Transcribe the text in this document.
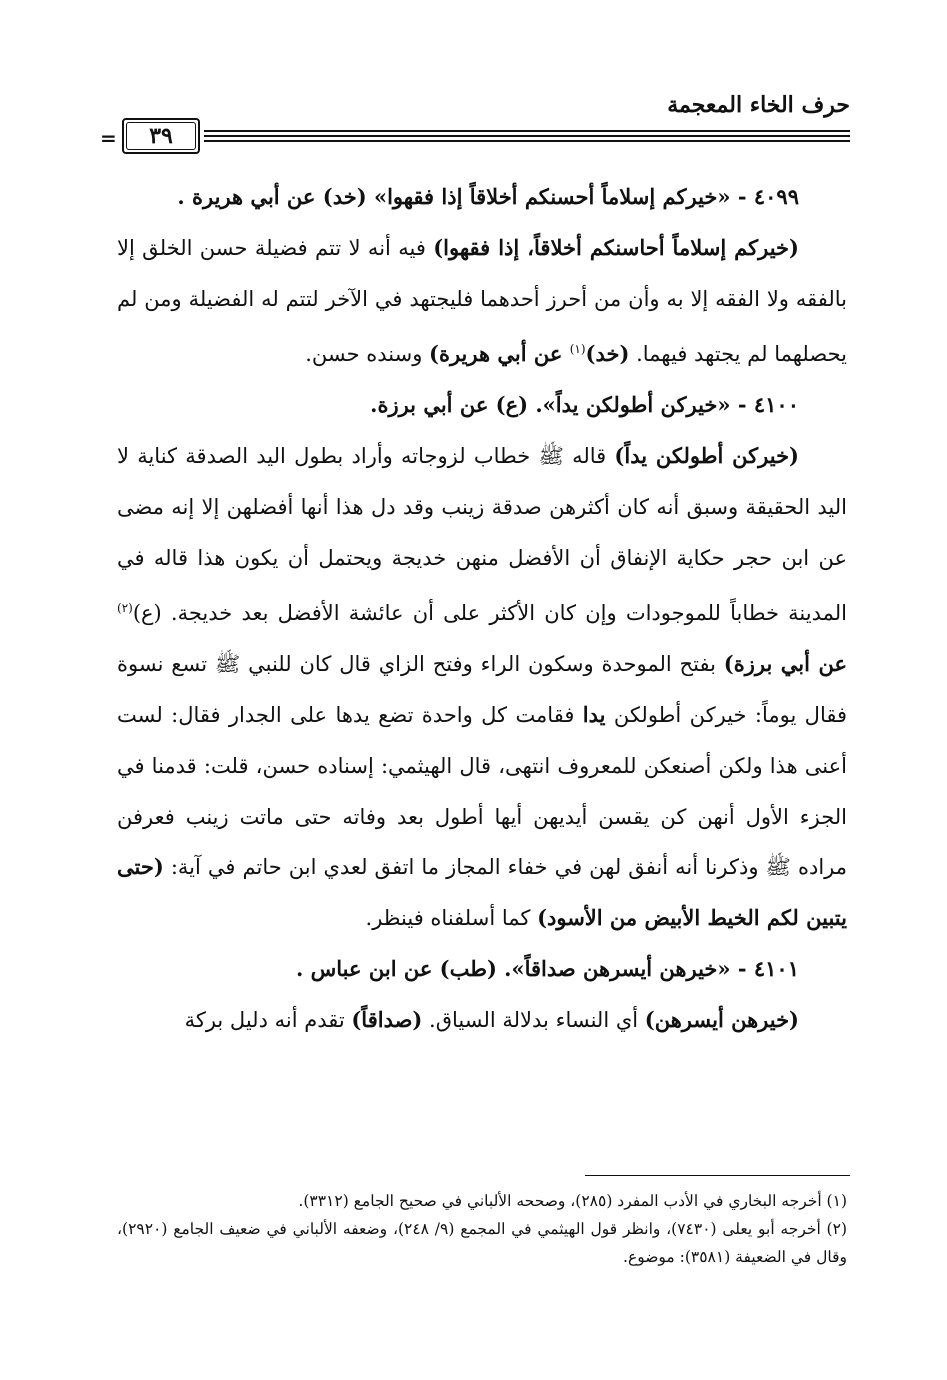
حرف الخاء المعجمة
٣٩
=

٤٠٩٩ - «خيركم إسلاماً أحسنكم أخلاقاً إذا فقهوا» (خد) عن أبي هريرة .

(خيركم إسلاماً أحاسنكم أخلاقاً، إذا فقهوا) فيه أنه لا تتم فضيلة حسن الخلق إلا بالفقه ولا الفقه إلا به وأن من أحرز أحدهما فليجتهد في الآخر لتتم له الفضيلة ومن لم يحصلهما لم يجتهد فيهما. (خد)$^{(١)}$ عن أبي هريرة) وسنده حسن.

٤١٠٠ - «خيركن أطولكن يداً». (ع) عن أبي برزة.

(خيركن أطولكن يداً) قاله ﷺ خطاب لزوجاته وأراد بطول اليد الصدقة كناية لا اليد الحقيقة وسبق أنه كان أكثرهن صدقة زينب وقد دل هذا أنها أفضلهن إلا إنه مضى عن ابن حجر حكاية الإنفاق أن الأفضل منهن خديجة ويحتمل أن يكون هذا قاله في المدينة خطاباً للموجودات وإن كان الأكثر على أن عائشة الأفضل بعد خديجة. (ع)$^{(٢)}$ عن أبي برزة) بفتح الموحدة وسكون الراء وفتح الزاي قال كان للنبي ﷺ تسع نسوة فقال يوماً: خيركن أطولكن يدا فقامت كل واحدة تضع يدها على الجدار فقال: لست أعنى هذا ولكن أصنعكن للمعروف انتهى، قال الهيثمي: إسناده حسن، قلت: قدمنا في الجزء الأول أنهن كن يقسن أيديهن أيها أطول بعد وفاته حتى ماتت زينب فعرفن مراده ﷺ وذكرنا أنه أنفق لهن في خفاء المجاز ما اتفق لعدي ابن حاتم في آية: (حتى يتبين لكم الخيط الأبيض من الأسود) كما أسلفناه فينظر.

٤١٠١ - «خيرهن أيسرهن صداقاً». (طب) عن ابن عباس .

(خيرهن أيسرهن) أي النساء بدلالة السياق. (صداقاً) تقدم أنه دليل بركة

(١) أخرجه البخاري في الأدب المفرد (٢٨٥)، وصححه الألباني في صحيح الجامع (٣٣١٢).

(٢) أخرجه أبو يعلى (٧٤٣٠)، وانظر قول الهيثمي في المجمع (٩/ ٢٤٨)، وضعفه الألباني في ضعيف الجامع (٢٩٢٠)، وقال في الضعيفة (٣٥٨١): موضوع.
